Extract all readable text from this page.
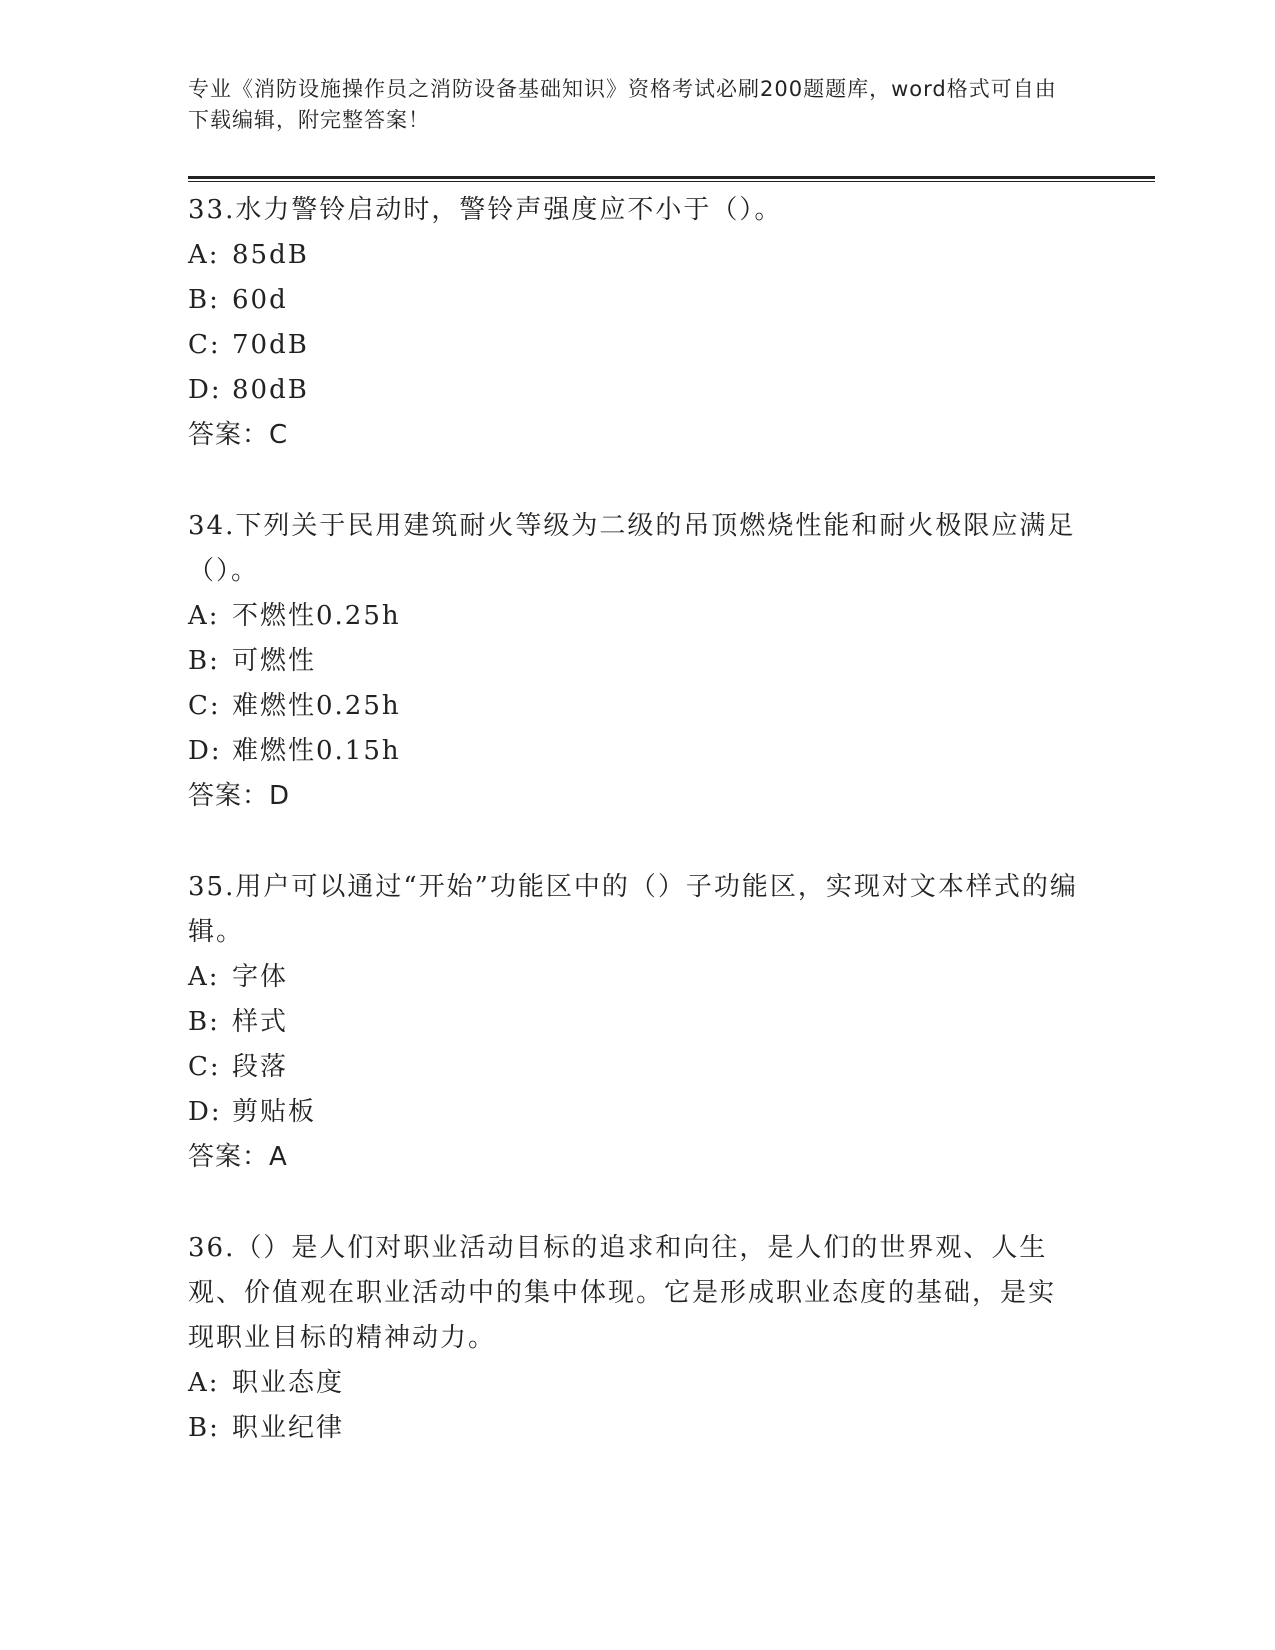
专业《消防设施操作员之消防设备基础知识》资格考试必刷200题题库，word格式可自由下载编辑，附完整答案！
33.水力警铃启动时，警铃声强度应不小于（）。
A: 85dB
B: 60d
C: 70dB
D: 80dB
答案：C
34.下列关于民用建筑耐火等级为二级的吊顶燃烧性能和耐火极限应满足（）。
A: 不燃性0.25h
B: 可燃性
C: 难燃性0.25h
D: 难燃性0.15h
答案：D
35.用户可以通过“开始”功能区中的（）子功能区，实现对文本样式的编辑。
A: 字体
B: 样式
C: 段落
D: 剪贴板
答案：A
36.（）是人们对职业活动目标的追求和向往，是人们的世界观、人生观、价值观在职业活动中的集中体现。它是形成职业态度的基础，是实现职业目标的精神动力。
A: 职业态度
B: 职业纪律
